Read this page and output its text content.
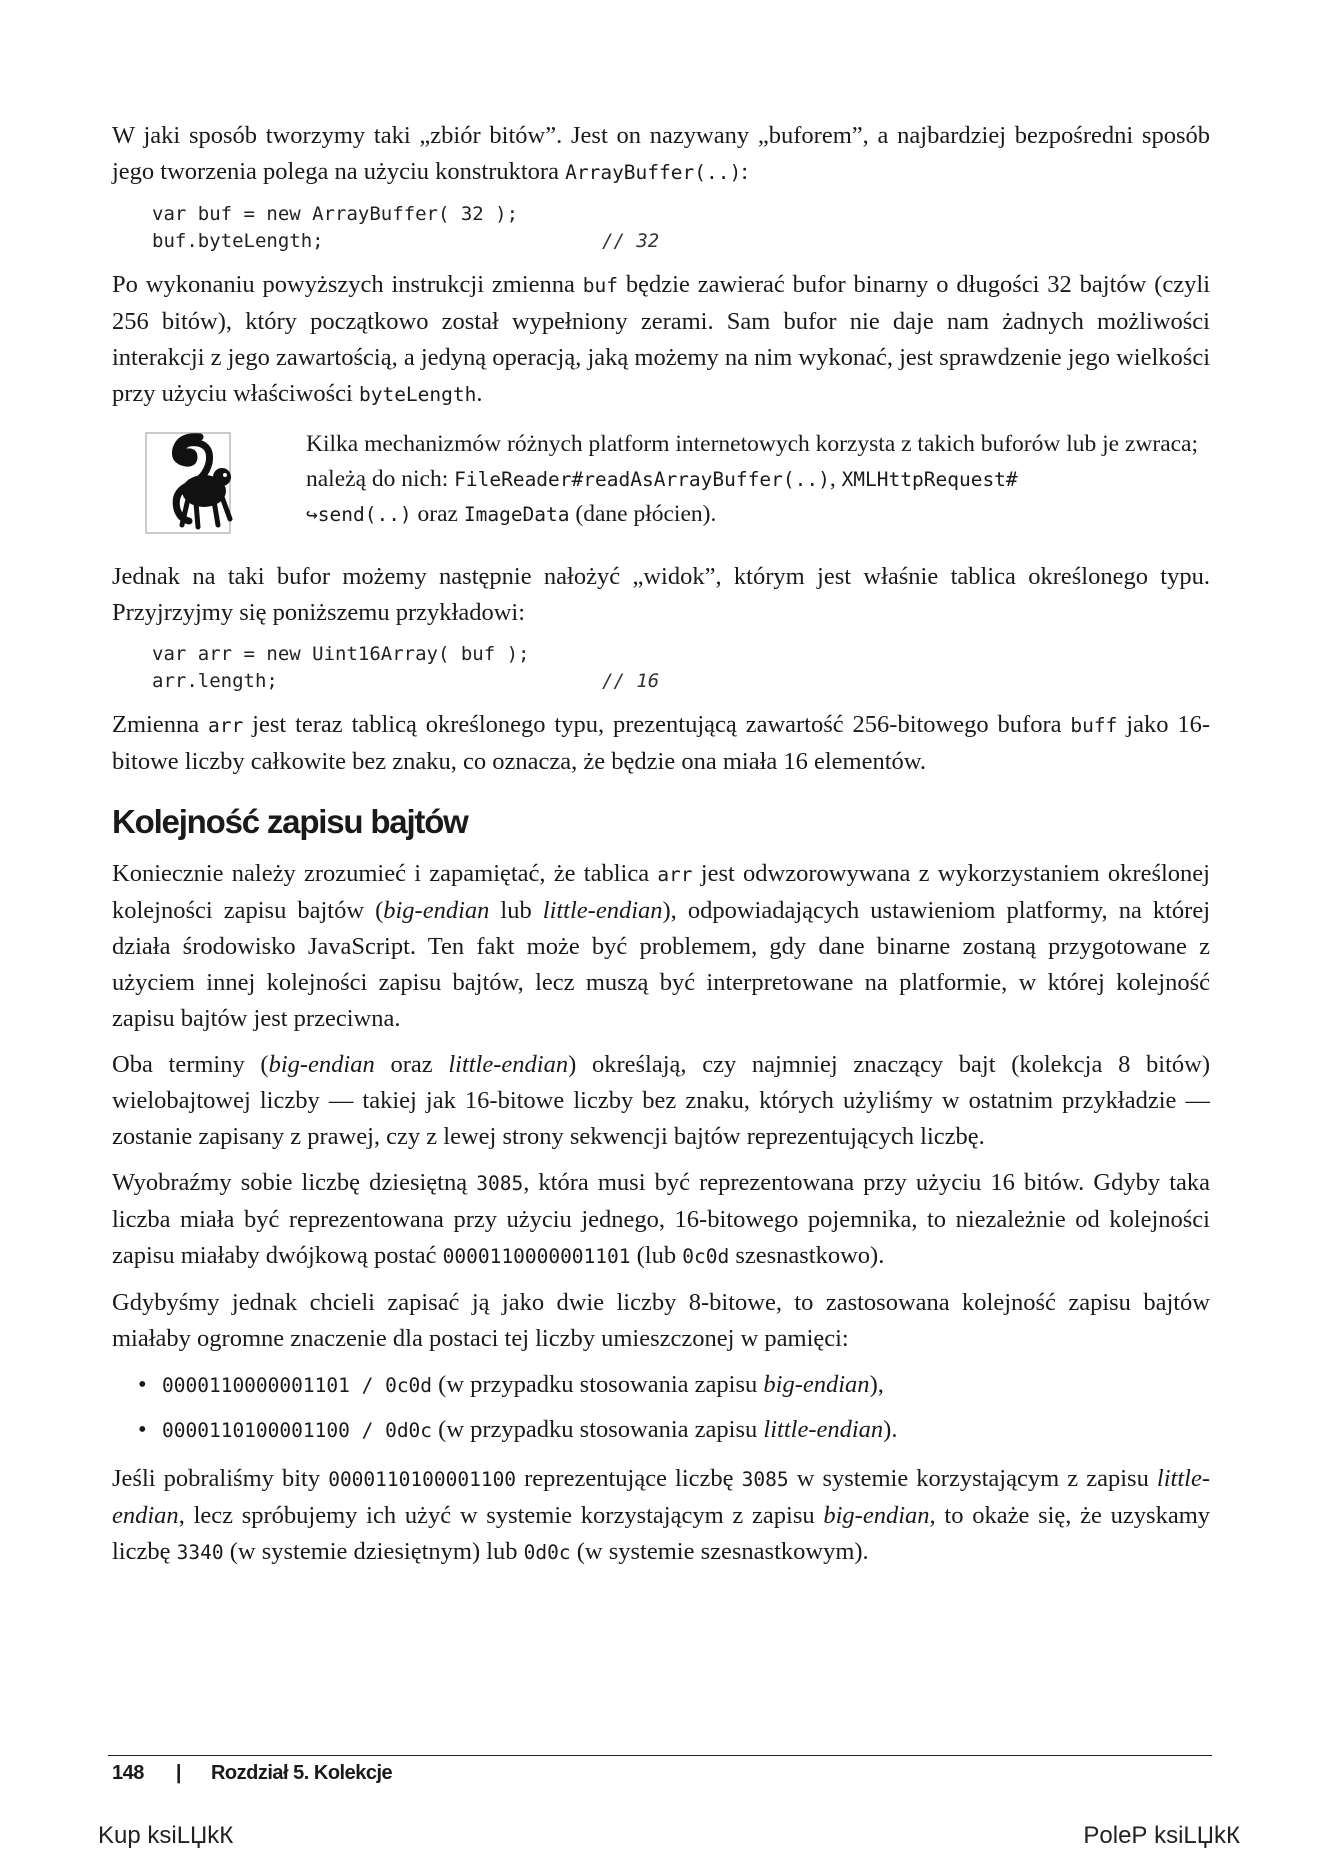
W jaki sposób tworzymy taki „zbiór bitów”. Jest on nazywany „buforem”, a najbardziej bezpośredni sposób jego tworzenia polega na użyciu konstruktora ArrayBuffer(..):

var buf = new ArrayBuffer( 32 );
buf.byteLength;	// 32

Po wykonaniu powyższych instrukcji zmienna buf będzie zawierać bufor binarny o długości 32 bajtów (czyli 256 bitów), który początkowo został wypełniony zerami. Sam bufor nie daje nam żadnych możliwości interakcji z jego zawartością, a jedyną operacją, jaką możemy na nim wykonać, jest sprawdzenie jego wielkości przy użyciu właściwości byteLength.

Kilka mechanizmów różnych platform internetowych korzysta z takich buforów lub je zwraca; należą do nich: FileReader#readAsArrayBuffer(..), XMLHttpRequest#
↪send(..) oraz ImageData (dane płócien).

Jednak na taki bufor możemy następnie nałożyć „widok”, którym jest właśnie tablica określonego typu. Przyjrzyjmy się poniższemu przykładowi:

var arr = new Uint16Array( buf );
arr.length;	// 16

Zmienna arr jest teraz tablicą określonego typu, prezentującą zawartość 256-bitowego bufora buff jako 16-bitowe liczby całkowite bez znaku, co oznacza, że będzie ona miała 16 elementów.

Kolejność zapisu bajtów

Koniecznie należy zrozumieć i zapamiętać, że tablica arr jest odwzorowywana z wykorzystaniem określonej kolejności zapisu bajtów (big-endian lub little-endian), odpowiadających ustawieniom platformy, na której działa środowisko JavaScript. Ten fakt może być problemem, gdy dane binarne zostaną przygotowane z użyciem innej kolejności zapisu bajtów, lecz muszą być interpretowane na platformie, w której kolejność zapisu bajtów jest przeciwna.

Oba terminy (big-endian oraz little-endian) określają, czy najmniej znaczący bajt (kolekcja 8 bitów) wielobajtowej liczby — takiej jak 16-bitowe liczby bez znaku, których użyliśmy w ostatnim przykładzie — zostanie zapisany z prawej, czy z lewej strony sekwencji bajtów reprezentujących liczbę.

Wyobraźmy sobie liczbę dziesiętną 3085, która musi być reprezentowana przy użyciu 16 bitów. Gdyby taka liczba miała być reprezentowana przy użyciu jednego, 16-bitowego pojemnika, to niezależnie od kolejności zapisu miałaby dwójkową postać 0000110000001101 (lub 0c0d szesnastkowo).

Gdybyśmy jednak chcieli zapisać ją jako dwie liczby 8-bitowe, to zastosowana kolejność zapisu bajtów miałaby ogromne znaczenie dla postaci tej liczby umieszczonej w pamięci:

• 0000110000001101 / 0c0d (w przypadku stosowania zapisu big-endian),
• 0000110100001100 / 0d0c (w przypadku stosowania zapisu little-endian).

Jeśli pobraliśmy bity 0000110100001100 reprezentujące liczbę 3085 w systemie korzystającym z zapisu little-endian, lecz spróbujemy ich użyć w systemie korzystającym z zapisu big-endian, to okaże się, że uzyskamy liczbę 3340 (w systemie dziesiętnym) lub 0d0c (w systemie szesnastkowym).

148 | Rozdział 5. Kolekcje
Kup ksiLЏkК	PoleР ksiLЏkК
